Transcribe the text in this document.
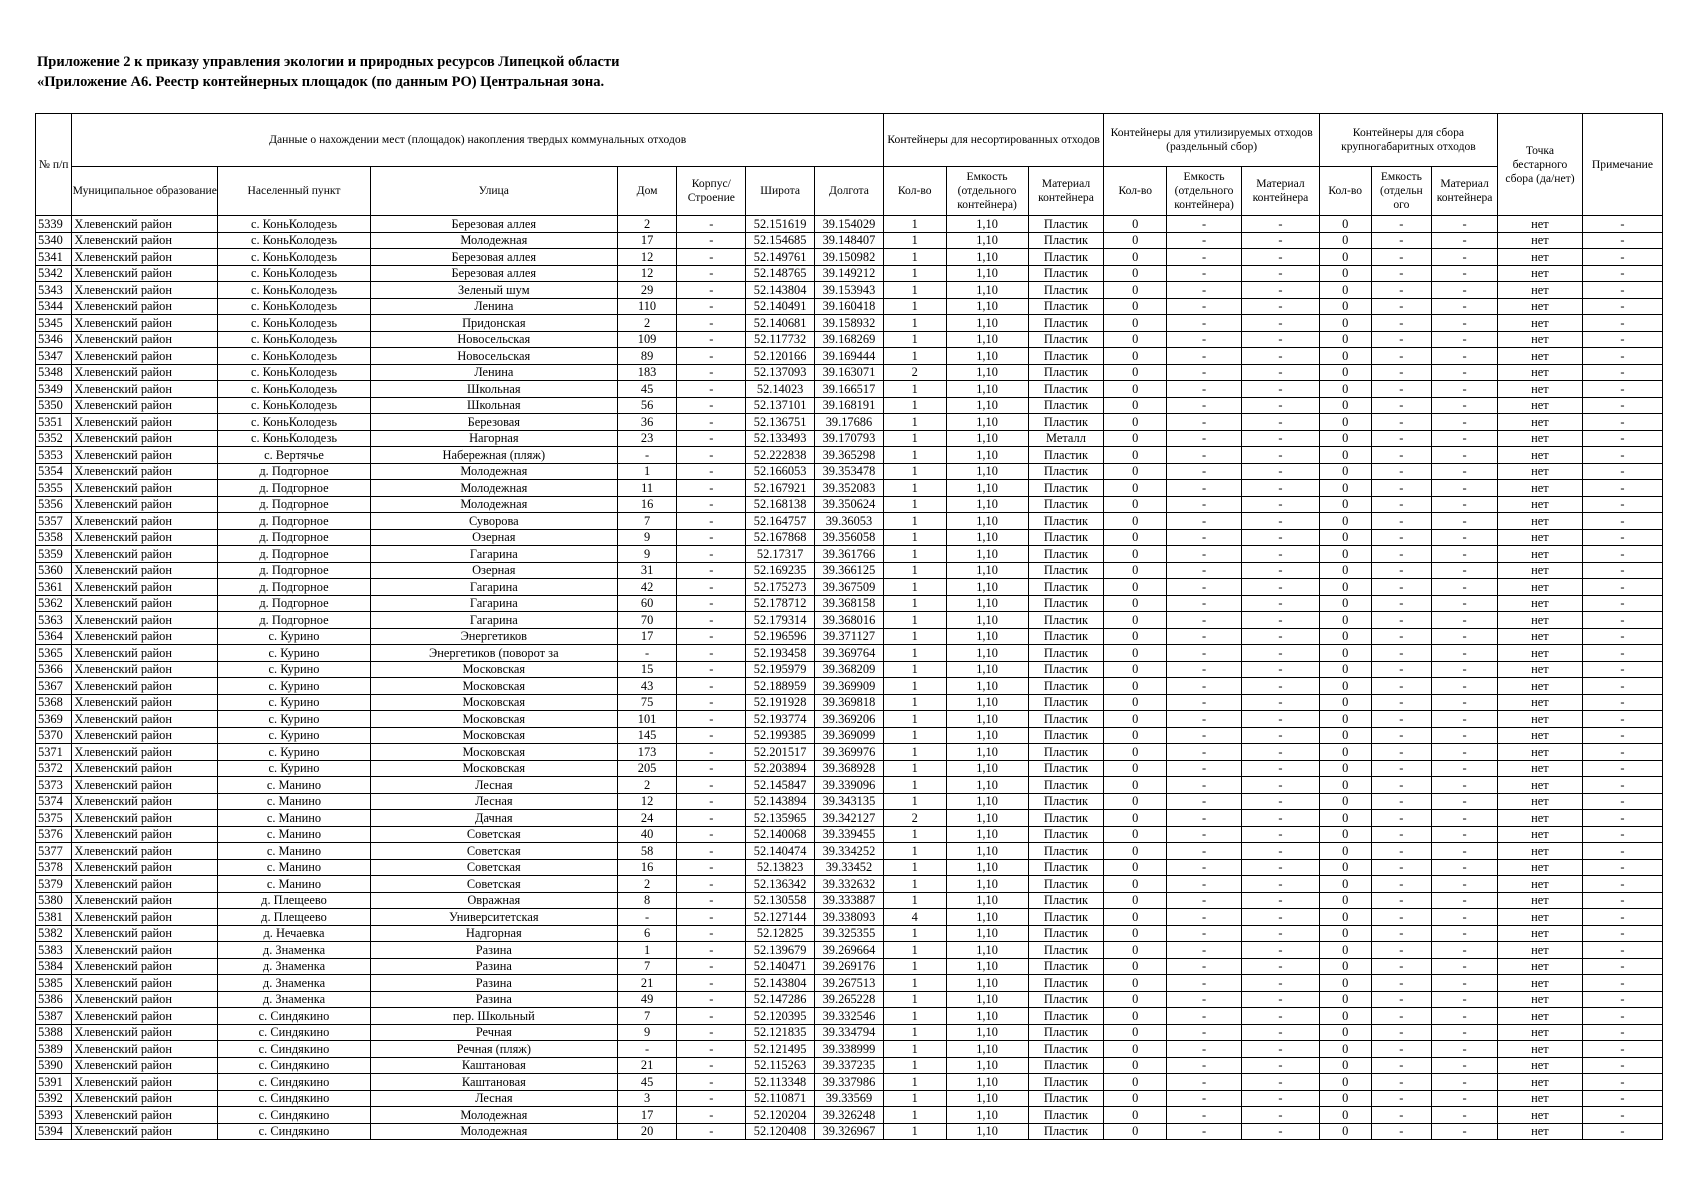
Приложение 2 к приказу управления экологии и природных ресурсов Липецкой области
«Приложение А6. Реестр контейнерных площадок (по данным РО) Центральная зона.
№ п/п	Данные о нахождении мест (площадок) накопления твердых коммунальных отходов							Контейнеры для несортированных отходов			Контейнеры для утилизируемых отходов (раздельный сбор)			Контейнеры для сбора крупногабаритных отходов			Точка бестарного сбора (да/нет)	Примечание
	Муниципальное образование	Населенный пункт	Улица	Дом	Корпус/ Строение	Широта	Долгота	Кол-во	Емкость (отдельного контейнера)	Материал контейнера	Кол-во	Емкость (отдельного контейнера)	Материал контейнера	Кол-во	Емкость (отдельн ого	Материал контейнера		
5339	Хлевенский район	с. КоньКолодезь	Березовая аллея	2	-	52.151619	39.154029	1	1,10	Пластик	0	-	-	0	-	-	нет	-
5340	Хлевенский район	с. КоньКолодезь	Молодежная	17	-	52.154685	39.148407	1	1,10	Пластик	0	-	-	0	-	-	нет	-
5341	Хлевенский район	с. КоньКолодезь	Березовая аллея	12	-	52.149761	39.150982	1	1,10	Пластик	0	-	-	0	-	-	нет	-
5342	Хлевенский район	с. КоньКолодезь	Березовая аллея	12	-	52.148765	39.149212	1	1,10	Пластик	0	-	-	0	-	-	нет	-
5343	Хлевенский район	с. КоньКолодезь	Зеленый шум	29	-	52.143804	39.153943	1	1,10	Пластик	0	-	-	0	-	-	нет	-
5344	Хлевенский район	с. КоньКолодезь	Ленина	110	-	52.140491	39.160418	1	1,10	Пластик	0	-	-	0	-	-	нет	-
5345	Хлевенский район	с. КоньКолодезь	Придонская	2	-	52.140681	39.158932	1	1,10	Пластик	0	-	-	0	-	-	нет	-
5346	Хлевенский район	с. КоньКолодезь	Новосельская	109	-	52.117732	39.168269	1	1,10	Пластик	0	-	-	0	-	-	нет	-
5347	Хлевенский район	с. КоньКолодезь	Новосельская	89	-	52.120166	39.169444	1	1,10	Пластик	0	-	-	0	-	-	нет	-
5348	Хлевенский район	с. КоньКолодезь	Ленина	183	-	52.137093	39.163071	2	1,10	Пластик	0	-	-	0	-	-	нет	-
5349	Хлевенский район	с. КоньКолодезь	Школьная	45	-	52.14023	39.166517	1	1,10	Пластик	0	-	-	0	-	-	нет	-
5350	Хлевенский район	с. КоньКолодезь	Школьная	56	-	52.137101	39.168191	1	1,10	Пластик	0	-	-	0	-	-	нет	-
5351	Хлевенский район	с. КоньКолодезь	Березовая	36	-	52.136751	39.17686	1	1,10	Пластик	0	-	-	0	-	-	нет	-
5352	Хлевенский район	с. КоньКолодезь	Нагорная	23	-	52.133493	39.170793	1	1,10	Металл	0	-	-	0	-	-	нет	-
5353	Хлевенский район	с. Вертячье	Набережная (пляж)	-	-	52.222838	39.365298	1	1,10	Пластик	0	-	-	0	-	-	нет	-
5354	Хлевенский район	д. Подгорное	Молодежная	1	-	52.166053	39.353478	1	1,10	Пластик	0	-	-	0	-	-	нет	-
5355	Хлевенский район	д. Подгорное	Молодежная	11	-	52.167921	39.352083	1	1,10	Пластик	0	-	-	0	-	-	нет	-
5356	Хлевенский район	д. Подгорное	Молодежная	16	-	52.168138	39.350624	1	1,10	Пластик	0	-	-	0	-	-	нет	-
5357	Хлевенский район	д. Подгорное	Суворова	7	-	52.164757	39.36053	1	1,10	Пластик	0	-	-	0	-	-	нет	-
5358	Хлевенский район	д. Подгорное	Озерная	9	-	52.167868	39.356058	1	1,10	Пластик	0	-	-	0	-	-	нет	-
5359	Хлевенский район	д. Подгорное	Гагарина	9	-	52.17317	39.361766	1	1,10	Пластик	0	-	-	0	-	-	нет	-
5360	Хлевенский район	д. Подгорное	Озерная	31	-	52.169235	39.366125	1	1,10	Пластик	0	-	-	0	-	-	нет	-
5361	Хлевенский район	д. Подгорное	Гагарина	42	-	52.175273	39.367509	1	1,10	Пластик	0	-	-	0	-	-	нет	-
5362	Хлевенский район	д. Подгорное	Гагарина	60	-	52.178712	39.368158	1	1,10	Пластик	0	-	-	0	-	-	нет	-
5363	Хлевенский район	д. Подгорное	Гагарина	70	-	52.179314	39.368016	1	1,10	Пластик	0	-	-	0	-	-	нет	-
5364	Хлевенский район	с. Курино	Энергетиков	17	-	52.196596	39.371127	1	1,10	Пластик	0	-	-	0	-	-	нет	-
5365	Хлевенский район	с. Курино	Энергетиков (поворот за	-	-	52.193458	39.369764	1	1,10	Пластик	0	-	-	0	-	-	нет	-
5366	Хлевенский район	с. Курино	Московская	15	-	52.195979	39.368209	1	1,10	Пластик	0	-	-	0	-	-	нет	-
5367	Хлевенский район	с. Курино	Московская	43	-	52.188959	39.369909	1	1,10	Пластик	0	-	-	0	-	-	нет	-
5368	Хлевенский район	с. Курино	Московская	75	-	52.191928	39.369818	1	1,10	Пластик	0	-	-	0	-	-	нет	-
5369	Хлевенский район	с. Курино	Московская	101	-	52.193774	39.369206	1	1,10	Пластик	0	-	-	0	-	-	нет	-
5370	Хлевенский район	с. Курино	Московская	145	-	52.199385	39.369099	1	1,10	Пластик	0	-	-	0	-	-	нет	-
5371	Хлевенский район	с. Курино	Московская	173	-	52.201517	39.369976	1	1,10	Пластик	0	-	-	0	-	-	нет	-
5372	Хлевенский район	с. Курино	Московская	205	-	52.203894	39.368928	1	1,10	Пластик	0	-	-	0	-	-	нет	-
5373	Хлевенский район	с. Манино	Лесная	2	-	52.145847	39.339096	1	1,10	Пластик	0	-	-	0	-	-	нет	-
5374	Хлевенский район	с. Манино	Лесная	12	-	52.143894	39.343135	1	1,10	Пластик	0	-	-	0	-	-	нет	-
5375	Хлевенский район	с. Манино	Дачная	24	-	52.135965	39.342127	2	1,10	Пластик	0	-	-	0	-	-	нет	-
5376	Хлевенский район	с. Манино	Советская	40	-	52.140068	39.339455	1	1,10	Пластик	0	-	-	0	-	-	нет	-
5377	Хлевенский район	с. Манино	Советская	58	-	52.140474	39.334252	1	1,10	Пластик	0	-	-	0	-	-	нет	-
5378	Хлевенский район	с. Манино	Советская	16	-	52.13823	39.33452	1	1,10	Пластик	0	-	-	0	-	-	нет	-
5379	Хлевенский район	с. Манино	Советская	2	-	52.136342	39.332632	1	1,10	Пластик	0	-	-	0	-	-	нет	-
5380	Хлевенский район	д. Плещеево	Овражная	8	-	52.130558	39.333887	1	1,10	Пластик	0	-	-	0	-	-	нет	-
5381	Хлевенский район	д. Плещеево	Университетская	-	-	52.127144	39.338093	4	1,10	Пластик	0	-	-	0	-	-	нет	-
5382	Хлевенский район	д. Нечаевка	Надгорная	6	-	52.12825	39.325355	1	1,10	Пластик	0	-	-	0	-	-	нет	-
5383	Хлевенский район	д. Знаменка	Разина	1	-	52.139679	39.269664	1	1,10	Пластик	0	-	-	0	-	-	нет	-
5384	Хлевенский район	д. Знаменка	Разина	7	-	52.140471	39.269176	1	1,10	Пластик	0	-	-	0	-	-	нет	-
5385	Хлевенский район	д. Знаменка	Разина	21	-	52.143804	39.267513	1	1,10	Пластик	0	-	-	0	-	-	нет	-
5386	Хлевенский район	д. Знаменка	Разина	49	-	52.147286	39.265228	1	1,10	Пластик	0	-	-	0	-	-	нет	-
5387	Хлевенский район	с. Синдякино	пер. Школьный	7	-	52.120395	39.332546	1	1,10	Пластик	0	-	-	0	-	-	нет	-
5388	Хлевенский район	с. Синдякино	Речная	9	-	52.121835	39.334794	1	1,10	Пластик	0	-	-	0	-	-	нет	-
5389	Хлевенский район	с. Синдякино	Речная (пляж)	-	-	52.121495	39.338999	1	1,10	Пластик	0	-	-	0	-	-	нет	-
5390	Хлевенский район	с. Синдякино	Каштановая	21	-	52.115263	39.337235	1	1,10	Пластик	0	-	-	0	-	-	нет	-
5391	Хлевенский район	с. Синдякино	Каштановая	45	-	52.113348	39.337986	1	1,10	Пластик	0	-	-	0	-	-	нет	-
5392	Хлевенский район	с. Синдякино	Лесная	3	-	52.110871	39.33569	1	1,10	Пластик	0	-	-	0	-	-	нет	-
5393	Хлевенский район	с. Синдякино	Молодежная	17	-	52.120204	39.326248	1	1,10	Пластик	0	-	-	0	-	-	нет	-
5394	Хлевенский район	с. Синдякино	Молодежная	20	-	52.120408	39.326967	1	1,10	Пластик	0	-	-	0	-	-	нет	-
